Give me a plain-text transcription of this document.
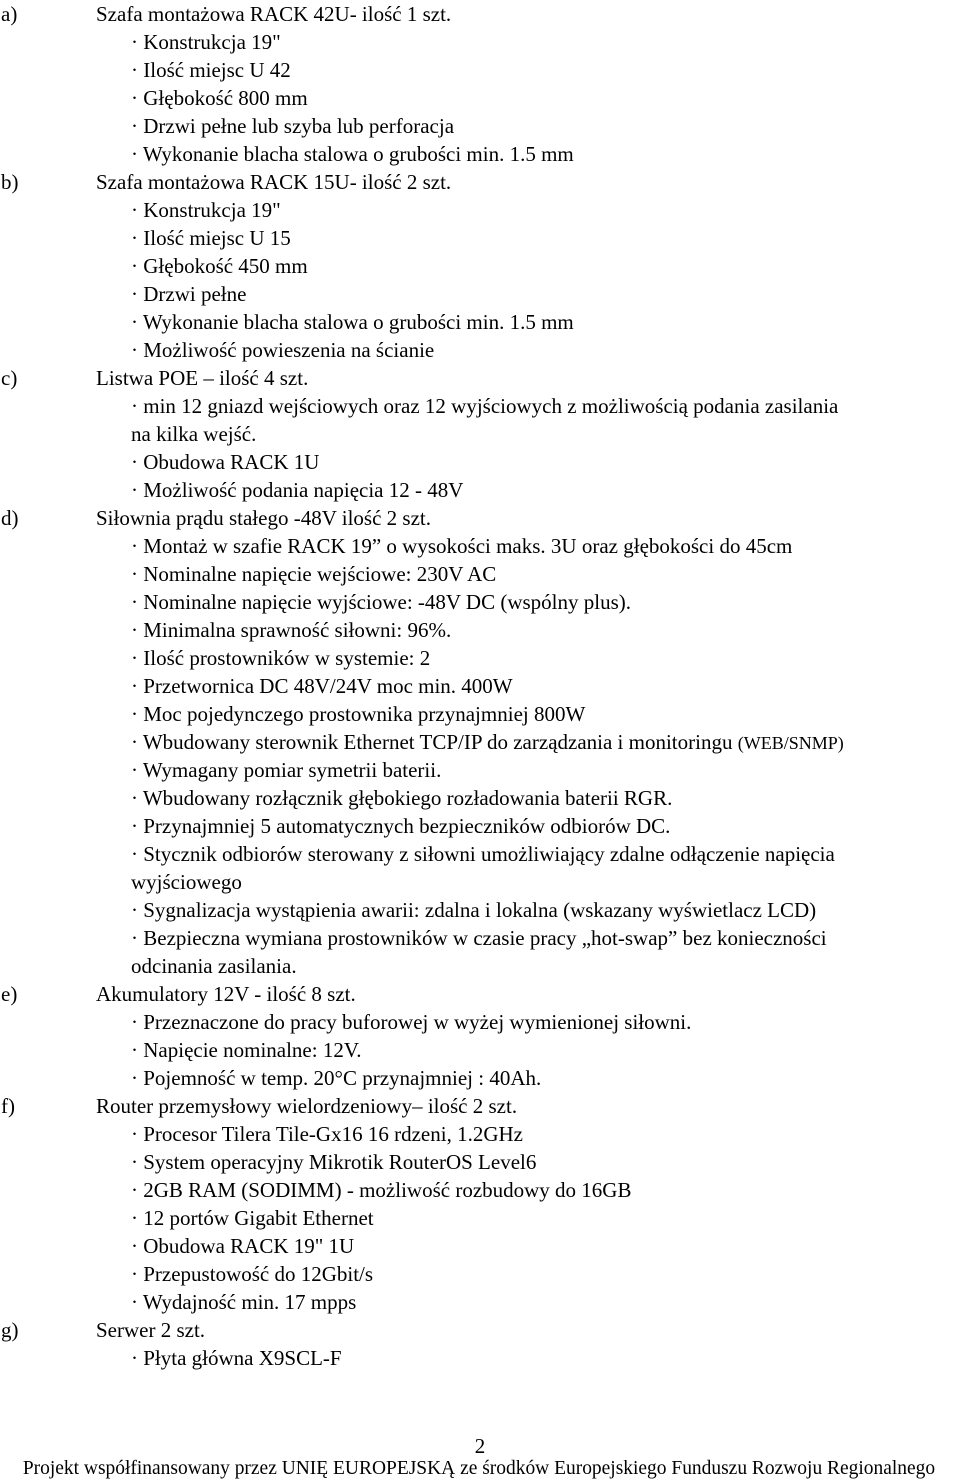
a)	Szafa montażowa RACK 42U- ilość 1 szt.
· Konstrukcja 19"
· Ilość miejsc U 42
· Głębokość 800 mm
· Drzwi pełne lub szyba lub perforacja
· Wykonanie blacha stalowa o grubości min. 1.5 mm
b)	Szafa montażowa RACK 15U- ilość 2 szt.
· Konstrukcja 19"
· Ilość miejsc U 15
· Głębokość 450 mm
· Drzwi pełne
· Wykonanie blacha stalowa o grubości min. 1.5 mm
· Możliwość powieszenia na ścianie
c)	Listwa POE – ilość 4 szt.
· min 12 gniazd wejściowych oraz 12 wyjściowych z możliwością podania zasilania
na kilka wejść.
· Obudowa RACK 1U
· Możliwość podania napięcia 12 - 48V
d)	Siłownia prądu stałego -48V ilość 2 szt.
· Montaż w szafie RACK 19” o wysokości maks. 3U oraz głębokości do 45cm
· Nominalne napięcie wejściowe: 230V AC
· Nominalne napięcie wyjściowe: -48V DC (wspólny plus).
· Minimalna sprawność siłowni: 96%.
· Ilość prostowników w systemie: 2
· Przetwornica DC 48V/24V moc min. 400W
· Moc pojedynczego prostownika przynajmniej 800W
· Wbudowany sterownik Ethernet TCP/IP do zarządzania i monitoringu (WEB/SNMP)
· Wymagany pomiar symetrii baterii.
· Wbudowany rozłącznik głębokiego rozładowania baterii RGR.
· Przynajmniej 5 automatycznych bezpieczników odbiorów DC.
· Stycznik odbiorów sterowany z siłowni umożliwiający zdalne odłączenie napięcia
wyjściowego
· Sygnalizacja wystąpienia awarii: zdalna i lokalna (wskazany wyświetlacz LCD)
· Bezpieczna wymiana prostowników w czasie pracy „hot-swap” bez konieczności
odcinania zasilania.
e)	Akumulatory 12V - ilość 8 szt.
· Przeznaczone do pracy buforowej w wyżej wymienionej siłowni.
· Napięcie nominalne: 12V.
· Pojemność w temp. 20°C przynajmniej : 40Ah.
f)	Router przemysłowy wielordzeniowy– ilość 2 szt.
· Procesor Tilera Tile-Gx16 16 rdzeni, 1.2GHz
· System operacyjny Mikrotik RouterOS Level6
· 2GB RAM (SODIMM) - możliwość rozbudowy do 16GB
· 12 portów Gigabit Ethernet
· Obudowa RACK 19" 1U
· Przepustowość do 12Gbit/s
· Wydajność min. 17 mpps
g)	Serwer 2 szt.
· Płyta główna X9SCL-F
2
Projekt współfinansowany przez UNIĘ EUROPEJSKĄ ze środków Europejskiego Funduszu Rozwoju Regionalnego
